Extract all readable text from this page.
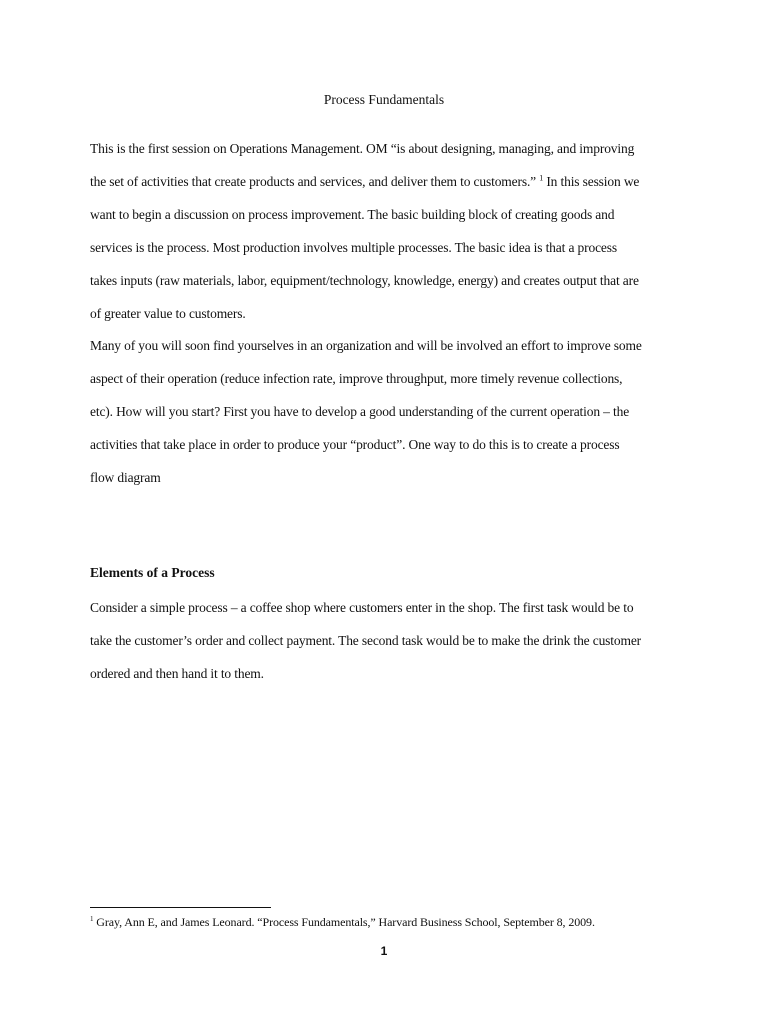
Process Fundamentals
This is the first session on Operations Management. OM “is about designing, managing, and improving
the set of activities that create products and services, and deliver them to customers.” $^1$ In this session we
want to begin a discussion on process improvement. The basic building block of creating goods and
services is the process. Most production involves multiple processes. The basic idea is that a process
takes inputs (raw materials, labor, equipment/technology, knowledge, energy) and creates output that are
of greater value to customers.
Many of you will soon find yourselves in an organization and will be involved an effort to improve some
aspect of their operation (reduce infection rate, improve throughput, more timely revenue collections,
etc). How will you start? First you have to develop a good understanding of the current operation – the
activities that take place in order to produce your “product”. One way to do this is to create a process
flow diagram
Elements of a Process
Consider a simple process – a coffee shop where customers enter in the shop. The first task would be to
take the customer’s order and collect payment. The second task would be to make the drink the customer
ordered and then hand it to them.
$^1$ Gray, Ann E, and James Leonard. “Process Fundamentals,” Harvard Business School, September 8, 2009.
1
